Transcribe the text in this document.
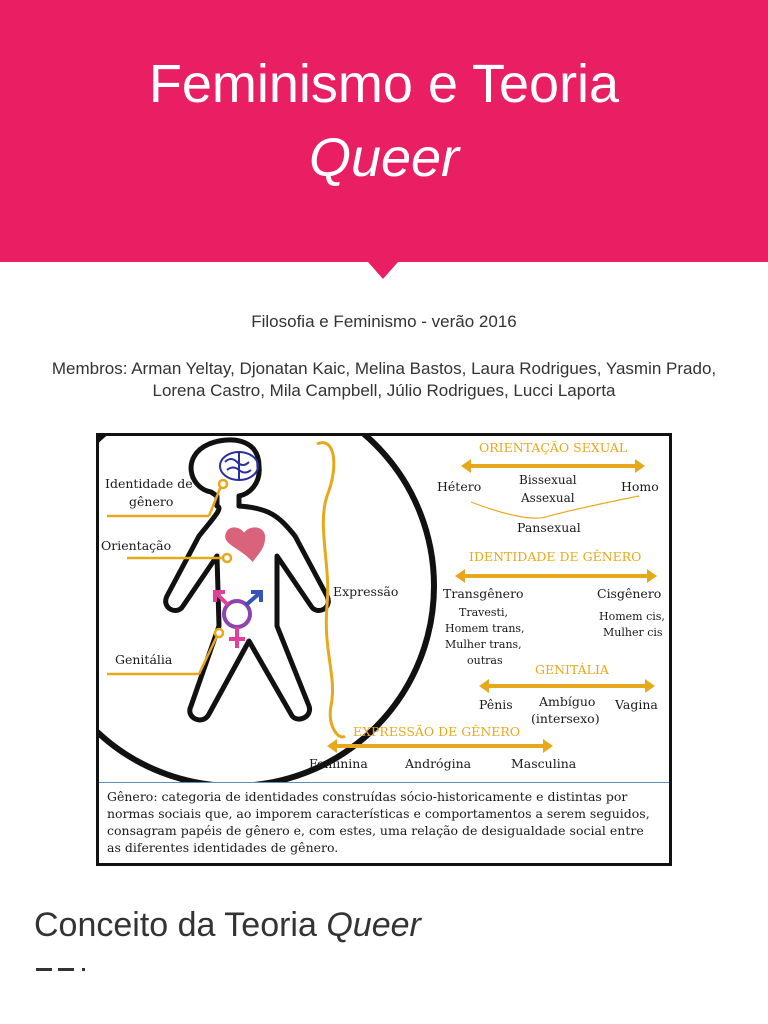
Feminismo e Teoria
Queer
Filosofia e Feminismo - verão 2016
Membros: Arman Yeltay, Djonatan Kaic, Melina Bastos, Laura Rodrigues, Yasmin Prado, Lorena Castro, Mila Campbell, Júlio Rodrigues, Lucci Laporta
Identidade de
gênero
Orientação
Genitália
Expressão
ORIENTAÇÃO SEXUAL
Hétero	Homo
Bissexual
Assexual
Pansexual
IDENTIDADE DE GÊNERO
Transgênero	Cisgênero
Travesti,
Homem trans,
Mulher trans,
outras
Homem cis,
Mulher cis
GENITÁLIA
Pênis Ambíguo
(intersexo)
Vagina
EXPRESSÃO DE GÊNERO
Feminina	Andrógina	Masculina
Gênero: categoria de identidades construídas sócio-historicamente e distintas por normas sociais que, ao imporem características e comportamentos a serem seguidos, consagram papéis de gênero e, com estes, uma relação de desigualdade social entre as diferentes identidades de gênero.
Conceito da Teoria Queer
